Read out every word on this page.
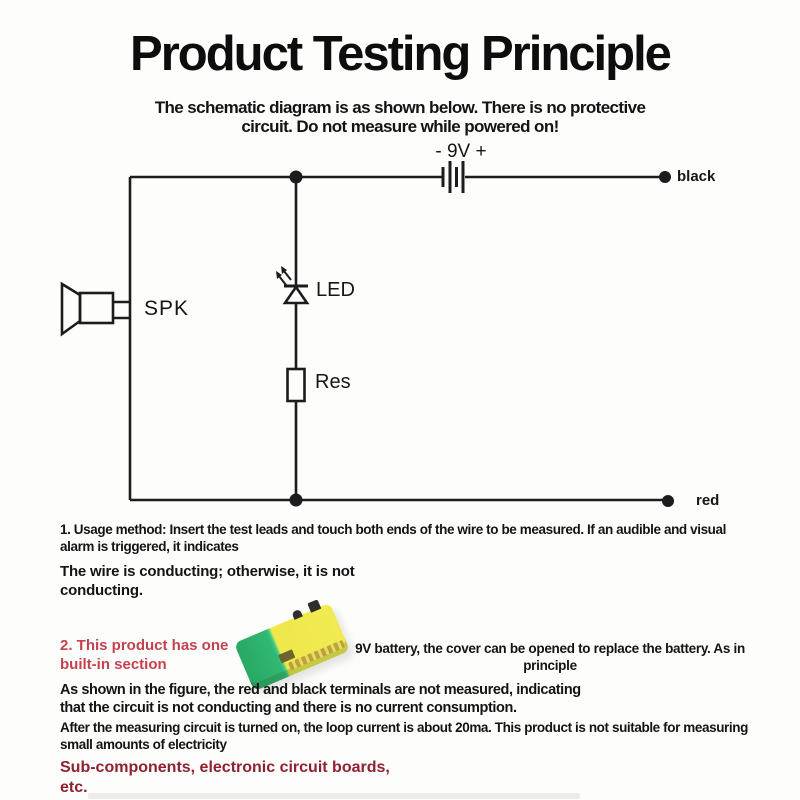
Product Testing Principle
The schematic diagram is as shown below. There is no protective
circuit. Do not measure while powered on!
- 9V +
SPK
LED
Res
black
red
1. Usage method: Insert the test leads and touch both ends of the wire to be measured. If an audible and visual
alarm is triggered, it indicates
The wire is conducting; otherwise, it is not
conducting.
2. This product has one
built-in section
9V battery, the cover can be opened to replace the battery. As in
principle
As shown in the figure, the red and black terminals are not measured, indicating
that the circuit is not conducting and there is no current consumption.
After the measuring circuit is turned on, the loop current is about 20ma. This product is not suitable for measuring
small amounts of electricity
Sub-components, electronic circuit boards,
etc.
